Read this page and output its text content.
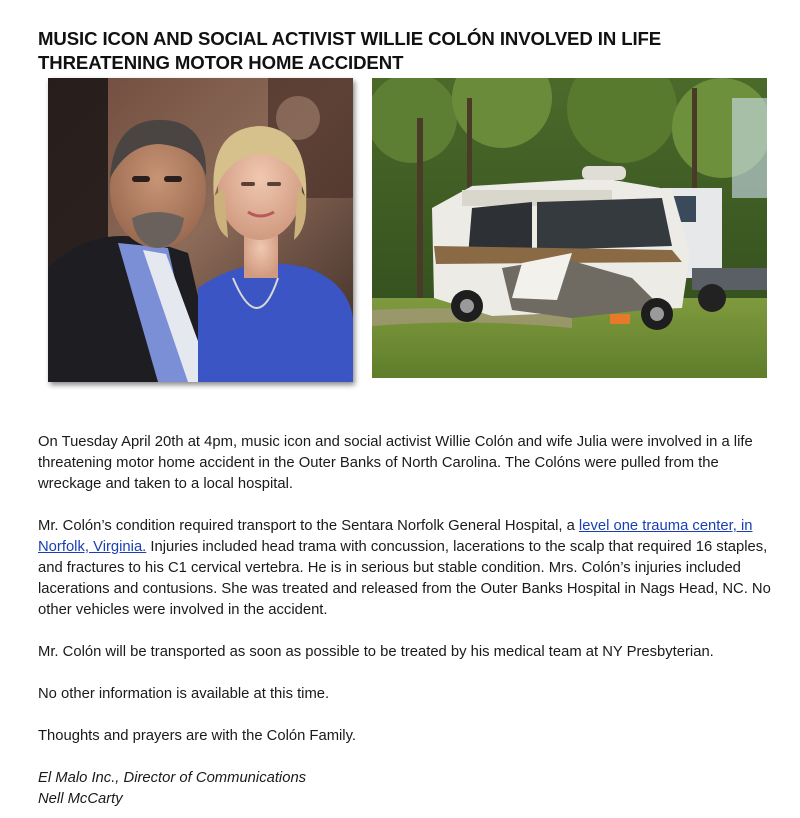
MUSIC ICON AND SOCIAL ACTIVIST WILLIE COLÓN INVOLVED IN LIFE
THREATENING MOTOR HOME ACCIDENT

On Tuesday April 20th at 4pm, music icon and social activist Willie Colón and wife Julia were involved in a life threatening motor home accident in the Outer Banks of North Carolina. The Colóns were pulled from the wreckage and taken to a local hospital.

Mr. Colón’s condition required transport to the Sentara Norfolk General Hospital, a level one trauma center, in Norfolk, Virginia. Injuries included head trama with concussion, lacerations to the scalp that required 16 staples, and fractures to his C1 cervical vertebra. He is in serious but stable condition. Mrs. Colón’s injuries included lacerations and contusions. She was treated and released from the Outer Banks Hospital in Nags Head, NC. No other vehicles were involved in the accident.

Mr. Colón will be transported as soon as possible to be treated by his medical team at NY Presbyterian.

No other information is available at this time.

Thoughts and prayers are with the Colón Family.

El Malo Inc., Director of Communications
Nell McCarty
